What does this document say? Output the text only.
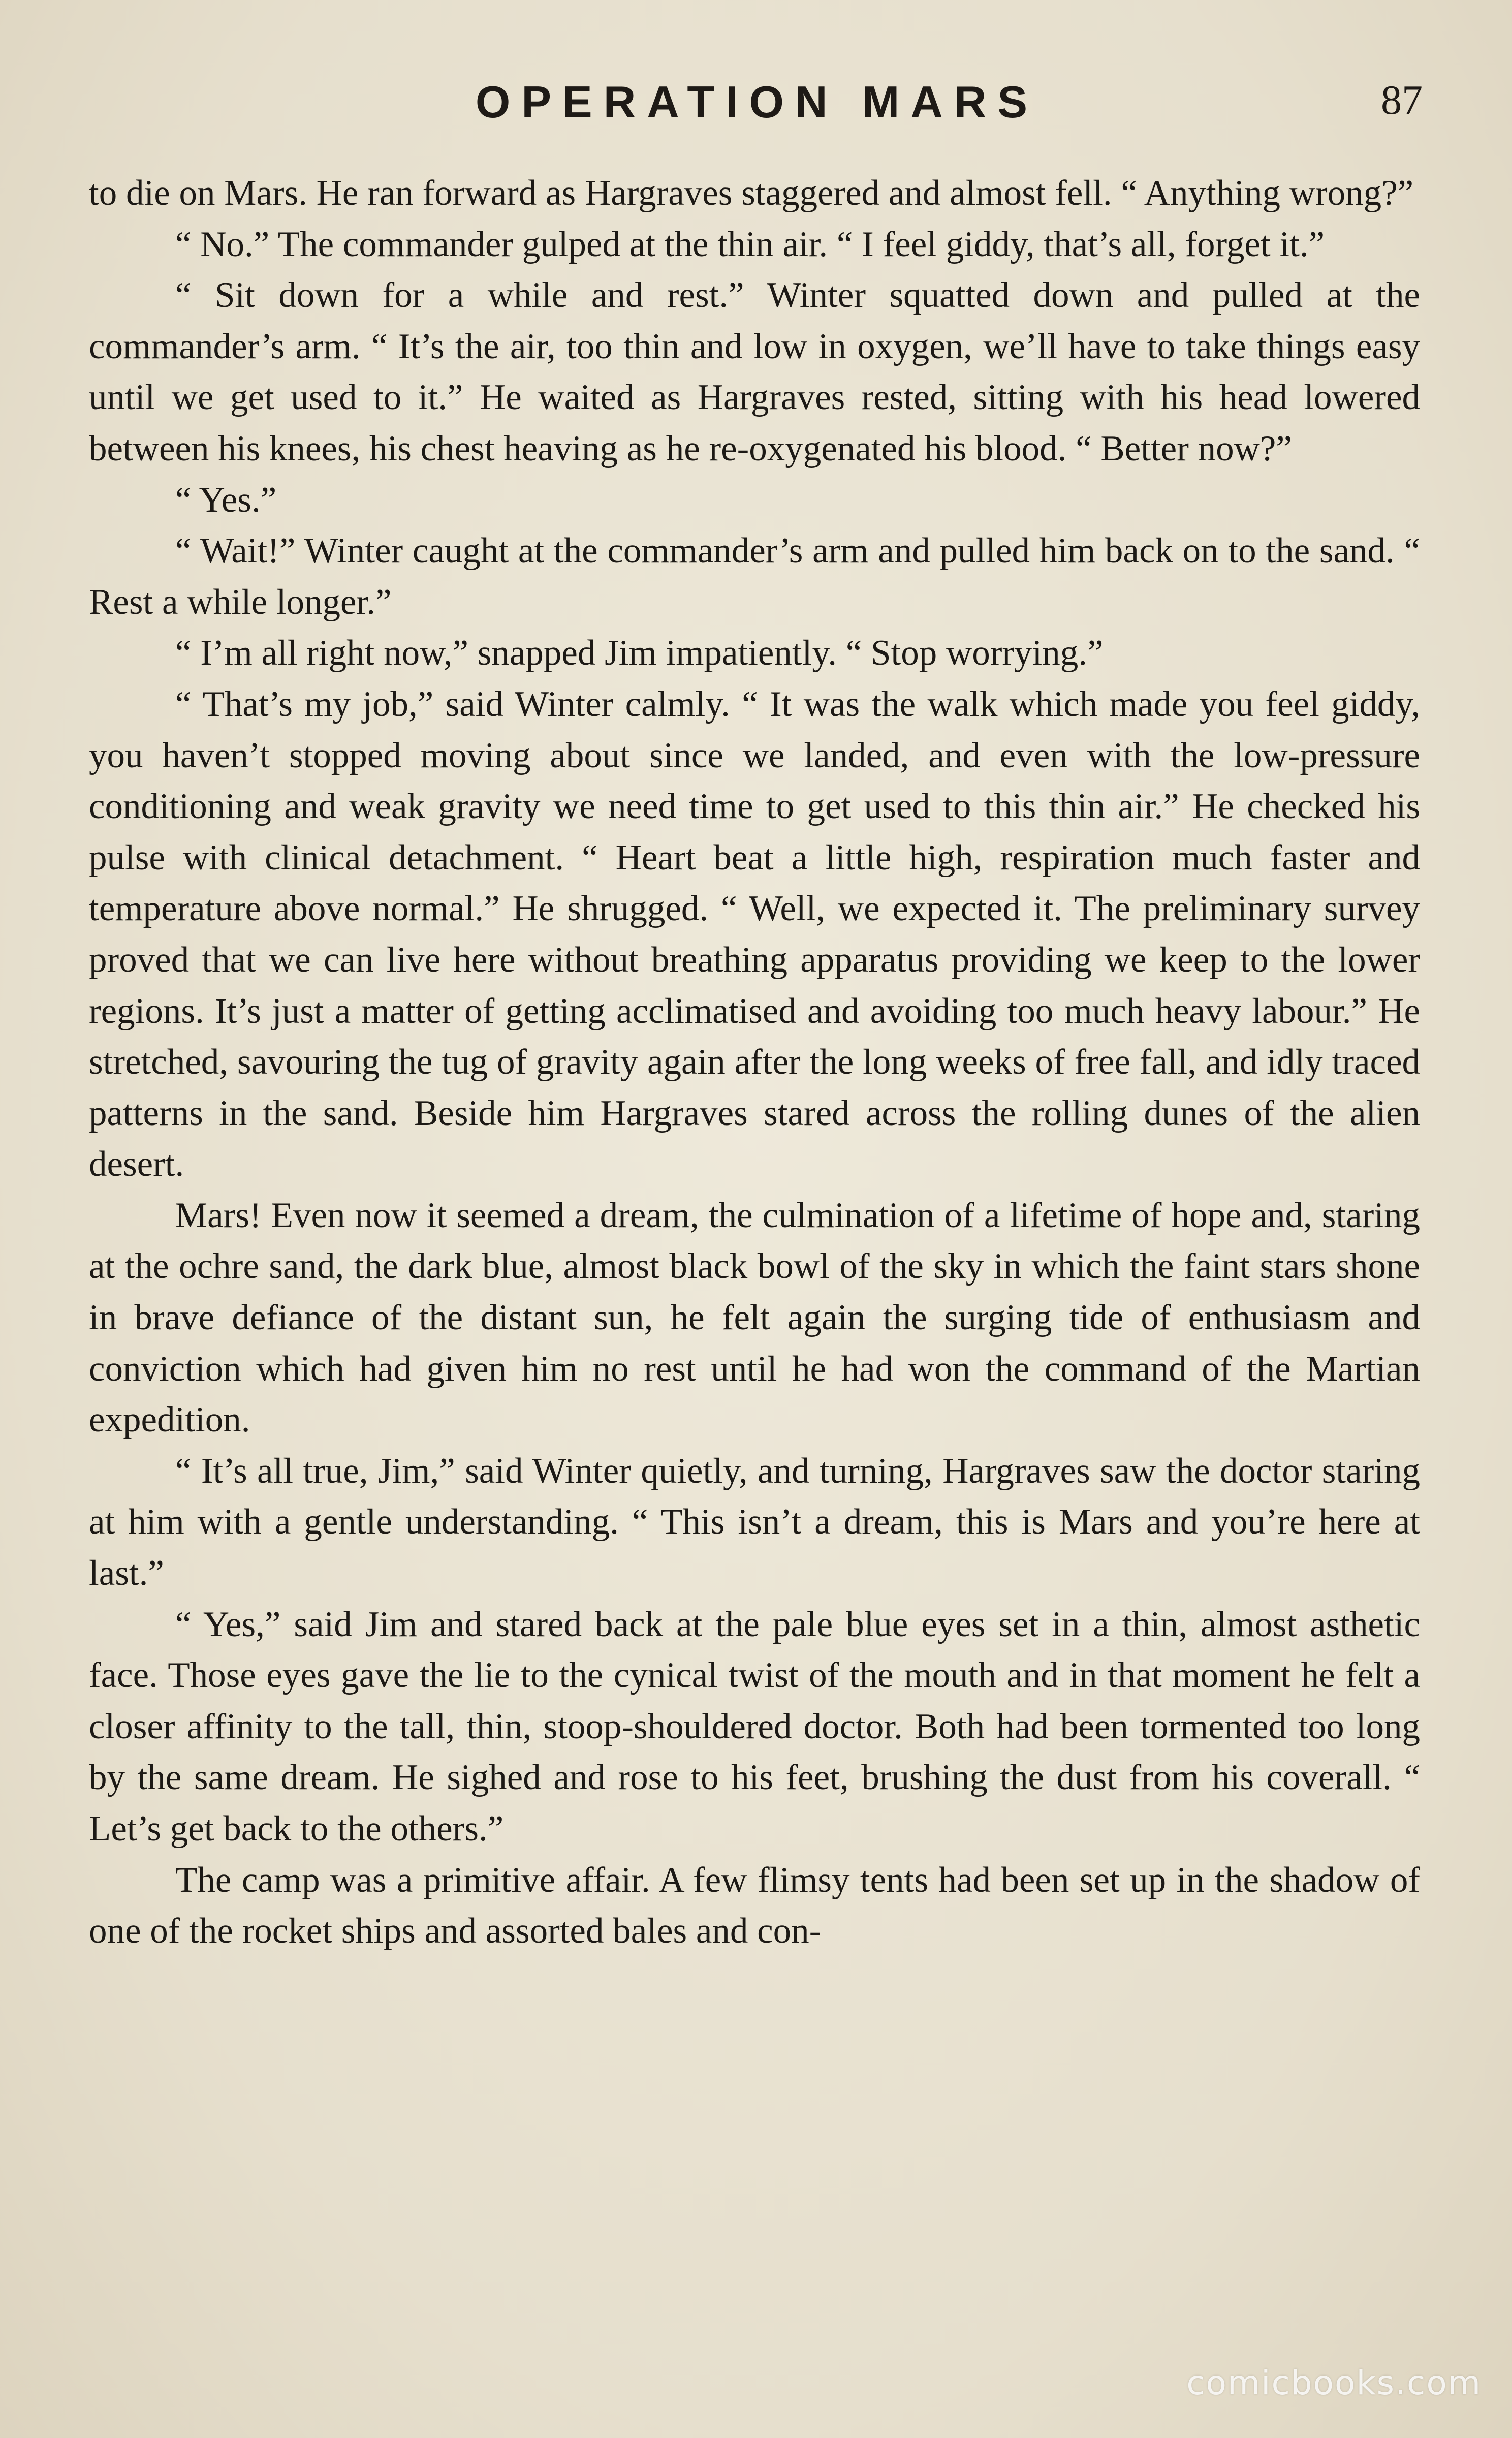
OPERATION MARS	87

to die on Mars. He ran forward as Hargraves staggered and almost fell. “ Anything wrong?”

“ No.” The commander gulped at the thin air. “ I feel giddy, that’s all, forget it.”

“ Sit down for a while and rest.” Winter squatted down and pulled at the commander’s arm. “ It’s the air, too thin and low in oxygen, we’ll have to take things easy until we get used to it.” He waited as Hargraves rested, sitting with his head lowered between his knees, his chest heaving as he re-oxygenated his blood. “ Better now?”

“ Yes.”

“ Wait!” Winter caught at the commander’s arm and pulled him back on to the sand. “ Rest a while longer.”

“ I’m all right now,” snapped Jim impatiently. “ Stop worrying.”

“ That’s my job,” said Winter calmly. “ It was the walk which made you feel giddy, you haven’t stopped moving about since we landed, and even with the low-pressure conditioning and weak gravity we need time to get used to this thin air.” He checked his pulse with clinical detachment. “ Heart beat a little high, respiration much faster and temperature above normal.” He shrugged. “ Well, we expected it. The preliminary survey proved that we can live here without breathing apparatus providing we keep to the lower regions. It’s just a matter of getting acclimatised and avoiding too much heavy labour.” He stretched, savouring the tug of gravity again after the long weeks of free fall, and idly traced patterns in the sand. Beside him Hargraves stared across the rolling dunes of the alien desert.

Mars! Even now it seemed a dream, the culmination of a lifetime of hope and, staring at the ochre sand, the dark blue, almost black bowl of the sky in which the faint stars shone in brave defiance of the distant sun, he felt again the surging tide of enthusiasm and conviction which had given him no rest until he had won the command of the Martian expedition.

“ It’s all true, Jim,” said Winter quietly, and turning, Hargraves saw the doctor staring at him with a gentle understanding. “ This isn’t a dream, this is Mars and you’re here at last.”

“ Yes,” said Jim and stared back at the pale blue eyes set in a thin, almost asthetic face. Those eyes gave the lie to the cynical twist of the mouth and in that moment he felt a closer affinity to the tall, thin, stoop-shouldered doctor. Both had been tormented too long by the same dream. He sighed and rose to his feet, brushing the dust from his coverall. “ Let’s get back to the others.”

The camp was a primitive affair. A few flimsy tents had been set up in the shadow of one of the rocket ships and assorted bales and con-

comicbooks.com
